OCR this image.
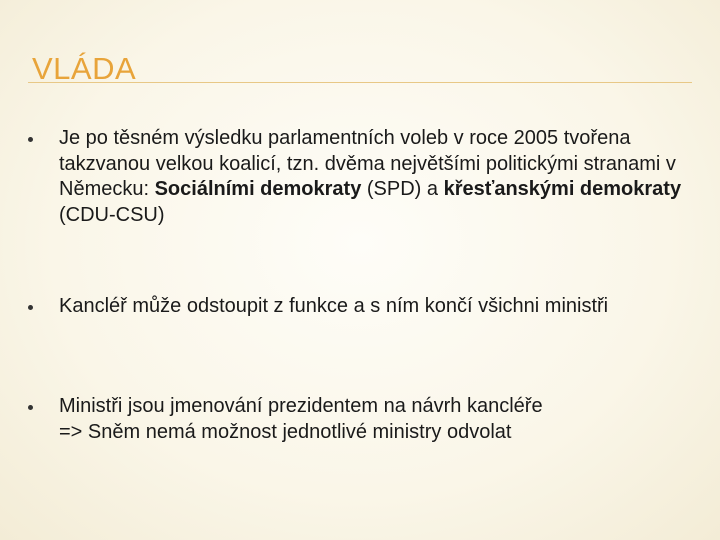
VLÁDA

Je po těsném výsledku parlamentních voleb v roce 2005 tvořena takzvanou velkou koalicí, tzn. dvěma největšími politickými stranami v Německu: Sociálními demokraty (SPD) a křesťanskými demokraty (CDU-CSU)

Kancléř může odstoupit z funkce a s ním končí všichni ministři

Ministři jsou jmenování prezidentem na návrh kancléře
=> Sněm nemá možnost jednotlivé ministry odvolat
